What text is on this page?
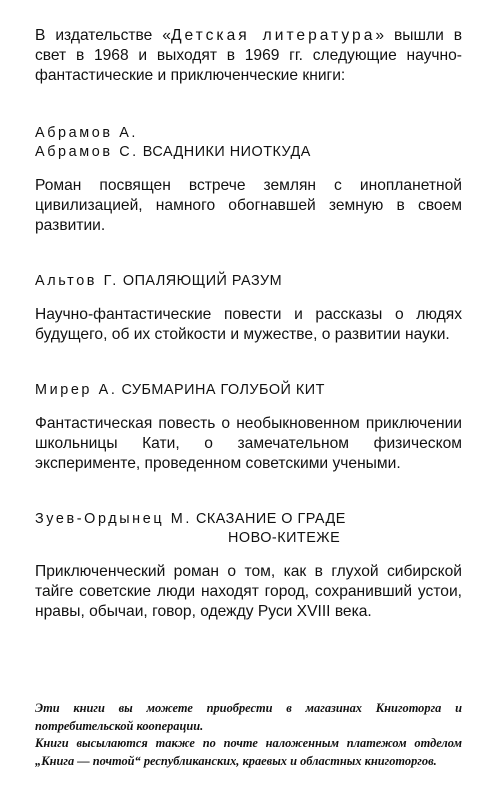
В издательстве «Детская литература» вышли в свет в 1968 и выходят в 1969 гг. следующие научно-фантастические и приключенческие книги:

Абрамов А.
Абрамов С. ВСАДНИКИ НИОТКУДА

Роман посвящен встрече землян с инопланетной цивилизацией, намного обогнавшей земную в своем развитии.

Альтов Г. ОПАЛЯЮЩИЙ РАЗУМ

Научно-фантастические повести и рассказы о людях будущего, об их стойкости и мужестве, о развитии науки.

Мирер А. СУБМАРИНА ГОЛУБОЙ КИТ

Фантастическая повесть о необыкновенном приключении школьницы Кати, о замечательном физическом эксперименте, проведенном советскими учеными.

Зуев-Ордынец М. СКАЗАНИЕ О ГРАДЕ
НОВО-КИТЕЖЕ

Приключенческий роман о том, как в глухой сибирской тайге советские люди находят город, сохранивший устои, нравы, обычаи, говор, одежду Руси XVIII века.

Эти книги вы можете приобрести в магазинах Книготорга и потребительской кооперации.
Книги высылаются также по почте наложенным платежом отделом „Книга — почтой“ республиканских, краевых и областных книготоргов.
